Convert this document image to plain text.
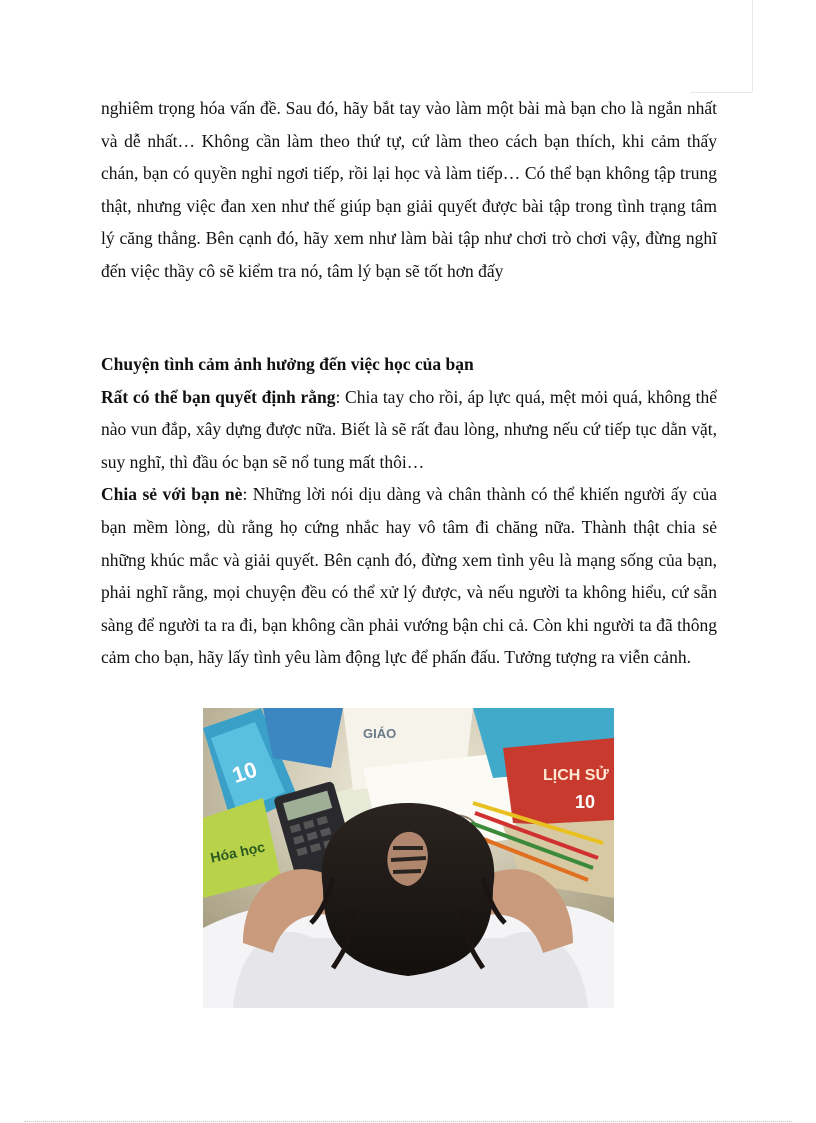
nghiêm trọng hóa vấn đề. Sau đó, hãy bắt tay vào làm một bài mà bạn cho là ngắn nhất và dễ nhất… Không cần làm theo thứ tự, cứ làm theo cách bạn thích, khi cảm thấy chán, bạn có quyền nghỉ ngơi tiếp, rồi lại học và làm tiếp… Có thể bạn không tập trung thật, nhưng việc đan xen như thế giúp bạn giải quyết được bài tập trong tình trạng tâm lý căng thẳng. Bên cạnh đó, hãy xem như làm bài tập như chơi trò chơi vậy, đừng nghĩ đến việc thầy cô sẽ kiểm tra nó, tâm lý bạn sẽ tốt hơn đấy

Chuyện tình cảm ảnh hưởng đến việc học của bạn

Rất có thể bạn quyết định rằng: Chia tay cho rồi, áp lực quá, mệt mỏi quá, không thể nào vun đắp, xây dựng được nữa. Biết là sẽ rất đau lòng, nhưng nếu cứ tiếp tục dằn vặt, suy nghĩ, thì đầu óc bạn sẽ nổ tung mất thôi…

Chia sẻ với bạn nè: Những lời nói dịu dàng và chân thành có thể khiến người ấy của bạn mềm lòng, dù rằng họ cứng nhắc hay vô tâm đi chăng nữa. Thành thật chia sẻ những khúc mắc và giải quyết. Bên cạnh đó, đừng xem tình yêu là mạng sống của bạn, phải nghĩ rằng, mọi chuyện đều có thể xử lý được, và nếu người ta không hiểu, cứ sẵn sàng để người ta ra đi, bạn không cần phải vướng bận chi cả. Còn khi người ta đã thông cảm cho bạn, hãy lấy tình yêu làm động lực để phấn đấu. Tưởng tượng ra viễn cảnh.

10
Hóa học
GIÁO
LỊCH SỬ
10
